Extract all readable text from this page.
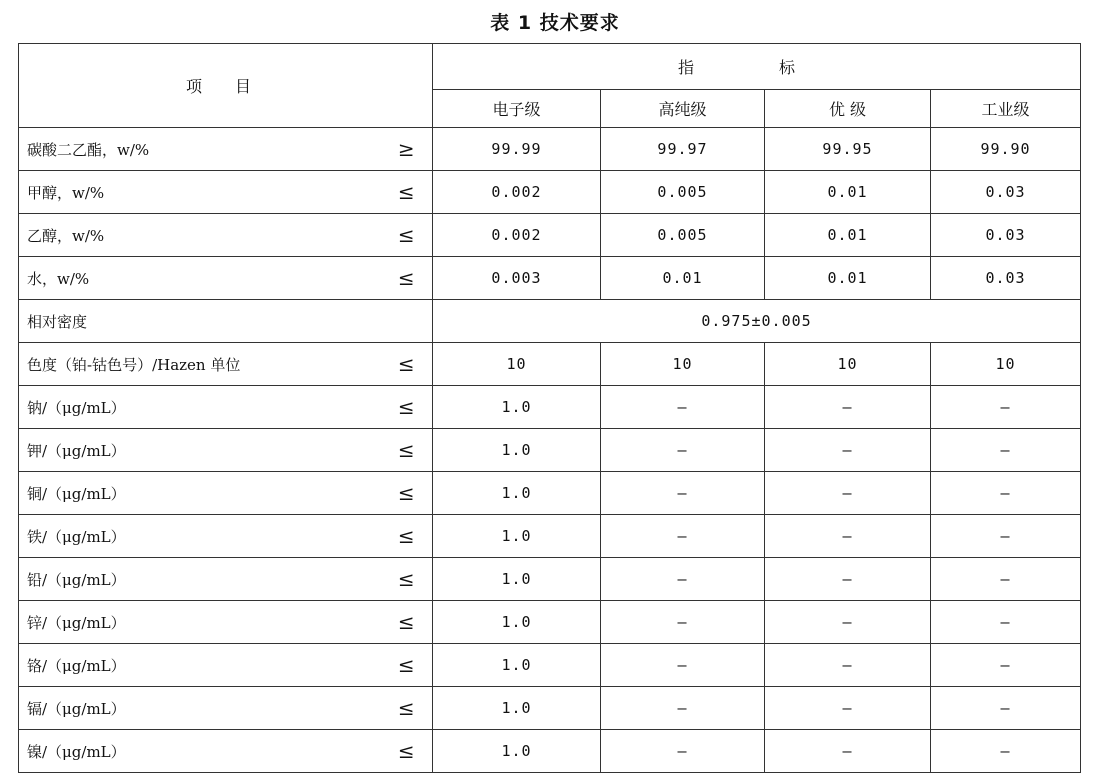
表 1 技术要求
项 目		指 标			
		电子级	高纯级	优 级	工业级
碳酸二乙酯，w/%	≥	99.99	99.97	99.95	99.90
甲醇，w/%	≤	0.002	0.005	0.01	0.03
乙醇，w/%	≤	0.002	0.005	0.01	0.03
水，w/%	≤	0.003	0.01	0.01	0.03
相对密度		0.975±0.005			
色度（铂-钴色号）/Hazen 单位	≤	10	10	10	10
钠/（μg/mL）	≤	1.0	—	—	—
钾/（μg/mL）	≤	1.0	—	—	—
铜/（μg/mL）	≤	1.0	—	—	—
铁/（μg/mL）	≤	1.0	—	—	—
铅/（μg/mL）	≤	1.0	—	—	—
锌/（μg/mL）	≤	1.0	—	—	—
铬/（μg/mL）	≤	1.0	—	—	—
镉/（μg/mL）	≤	1.0	—	—	—
镍/（μg/mL）	≤	1.0	—	—	—
